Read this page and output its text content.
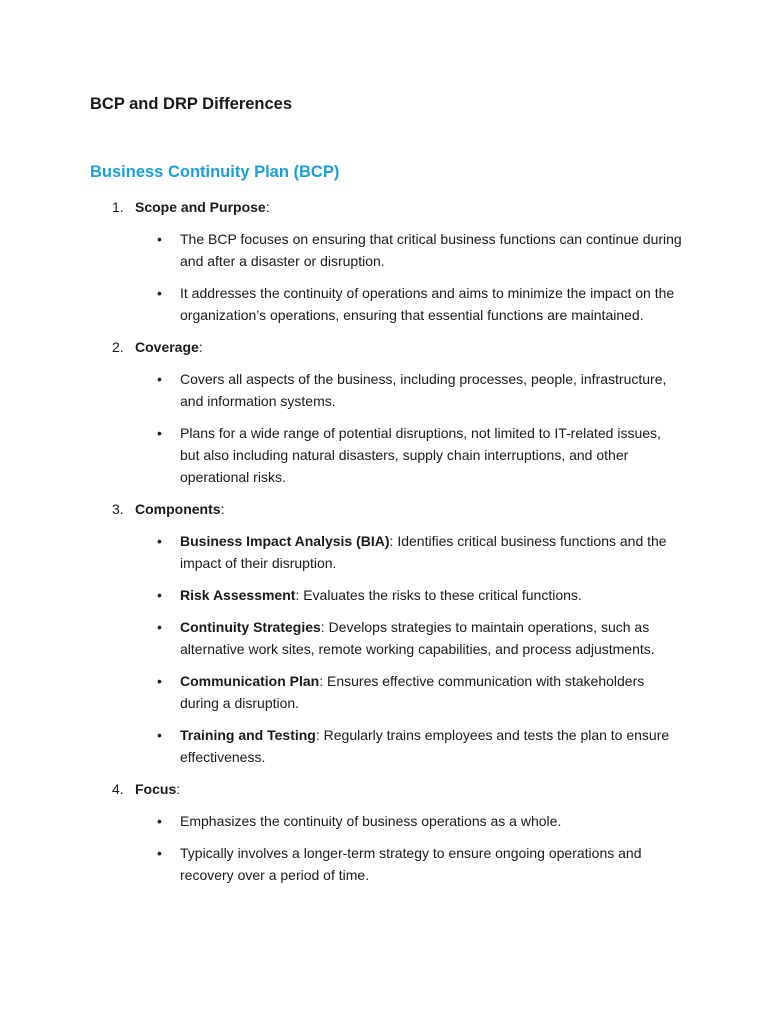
BCP and DRP Differences
Business Continuity Plan (BCP)
1. Scope and Purpose:
• The BCP focuses on ensuring that critical business functions can continue during and after a disaster or disruption.
• It addresses the continuity of operations and aims to minimize the impact on the organization’s operations, ensuring that essential functions are maintained.
2. Coverage:
• Covers all aspects of the business, including processes, people, infrastructure, and information systems.
• Plans for a wide range of potential disruptions, not limited to IT-related issues, but also including natural disasters, supply chain interruptions, and other operational risks.
3. Components:
• Business Impact Analysis (BIA): Identifies critical business functions and the impact of their disruption.
• Risk Assessment: Evaluates the risks to these critical functions.
• Continuity Strategies: Develops strategies to maintain operations, such as alternative work sites, remote working capabilities, and process adjustments.
• Communication Plan: Ensures effective communication with stakeholders during a disruption.
• Training and Testing: Regularly trains employees and tests the plan to ensure effectiveness.
4. Focus:
• Emphasizes the continuity of business operations as a whole.
• Typically involves a longer-term strategy to ensure ongoing operations and recovery over a period of time.
